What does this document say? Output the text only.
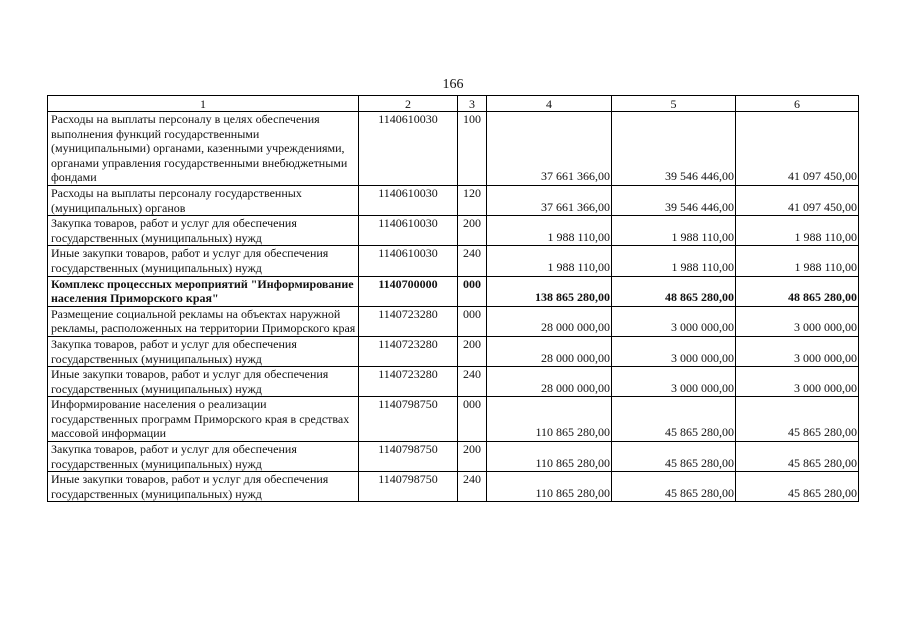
166
1	2	3	4	5	6
Расходы на выплаты персоналу в целях обеспечения выполнения функций государственными (муниципальными) органами, казенными учреждениями, органами управления государственными внебюджетными фондами	1140610030	100	37 661 366,00	39 546 446,00	41 097 450,00
Расходы на выплаты персоналу государственных (муниципальных) органов	1140610030	120	37 661 366,00	39 546 446,00	41 097 450,00
Закупка товаров, работ и услуг для обеспечения государственных (муниципальных) нужд	1140610030	200	1 988 110,00	1 988 110,00	1 988 110,00
Иные закупки товаров, работ и услуг для обеспечения государственных (муниципальных) нужд	1140610030	240	1 988 110,00	1 988 110,00	1 988 110,00
Комплекс процессных мероприятий "Информирование населения Приморского края"	1140700000	000	138 865 280,00	48 865 280,00	48 865 280,00
Размещение социальной рекламы на объектах наружной рекламы, расположенных на территории Приморского края	1140723280	000	28 000 000,00	3 000 000,00	3 000 000,00
Закупка товаров, работ и услуг для обеспечения государственных (муниципальных) нужд	1140723280	200	28 000 000,00	3 000 000,00	3 000 000,00
Иные закупки товаров, работ и услуг для обеспечения государственных (муниципальных) нужд	1140723280	240	28 000 000,00	3 000 000,00	3 000 000,00
Информирование населения о реализации государственных программ Приморского края в средствах массовой информации	1140798750	000	110 865 280,00	45 865 280,00	45 865 280,00
Закупка товаров, работ и услуг для обеспечения государственных (муниципальных) нужд	1140798750	200	110 865 280,00	45 865 280,00	45 865 280,00
Иные закупки товаров, работ и услуг для обеспечения государственных (муниципальных) нужд	1140798750	240	110 865 280,00	45 865 280,00	45 865 280,00
